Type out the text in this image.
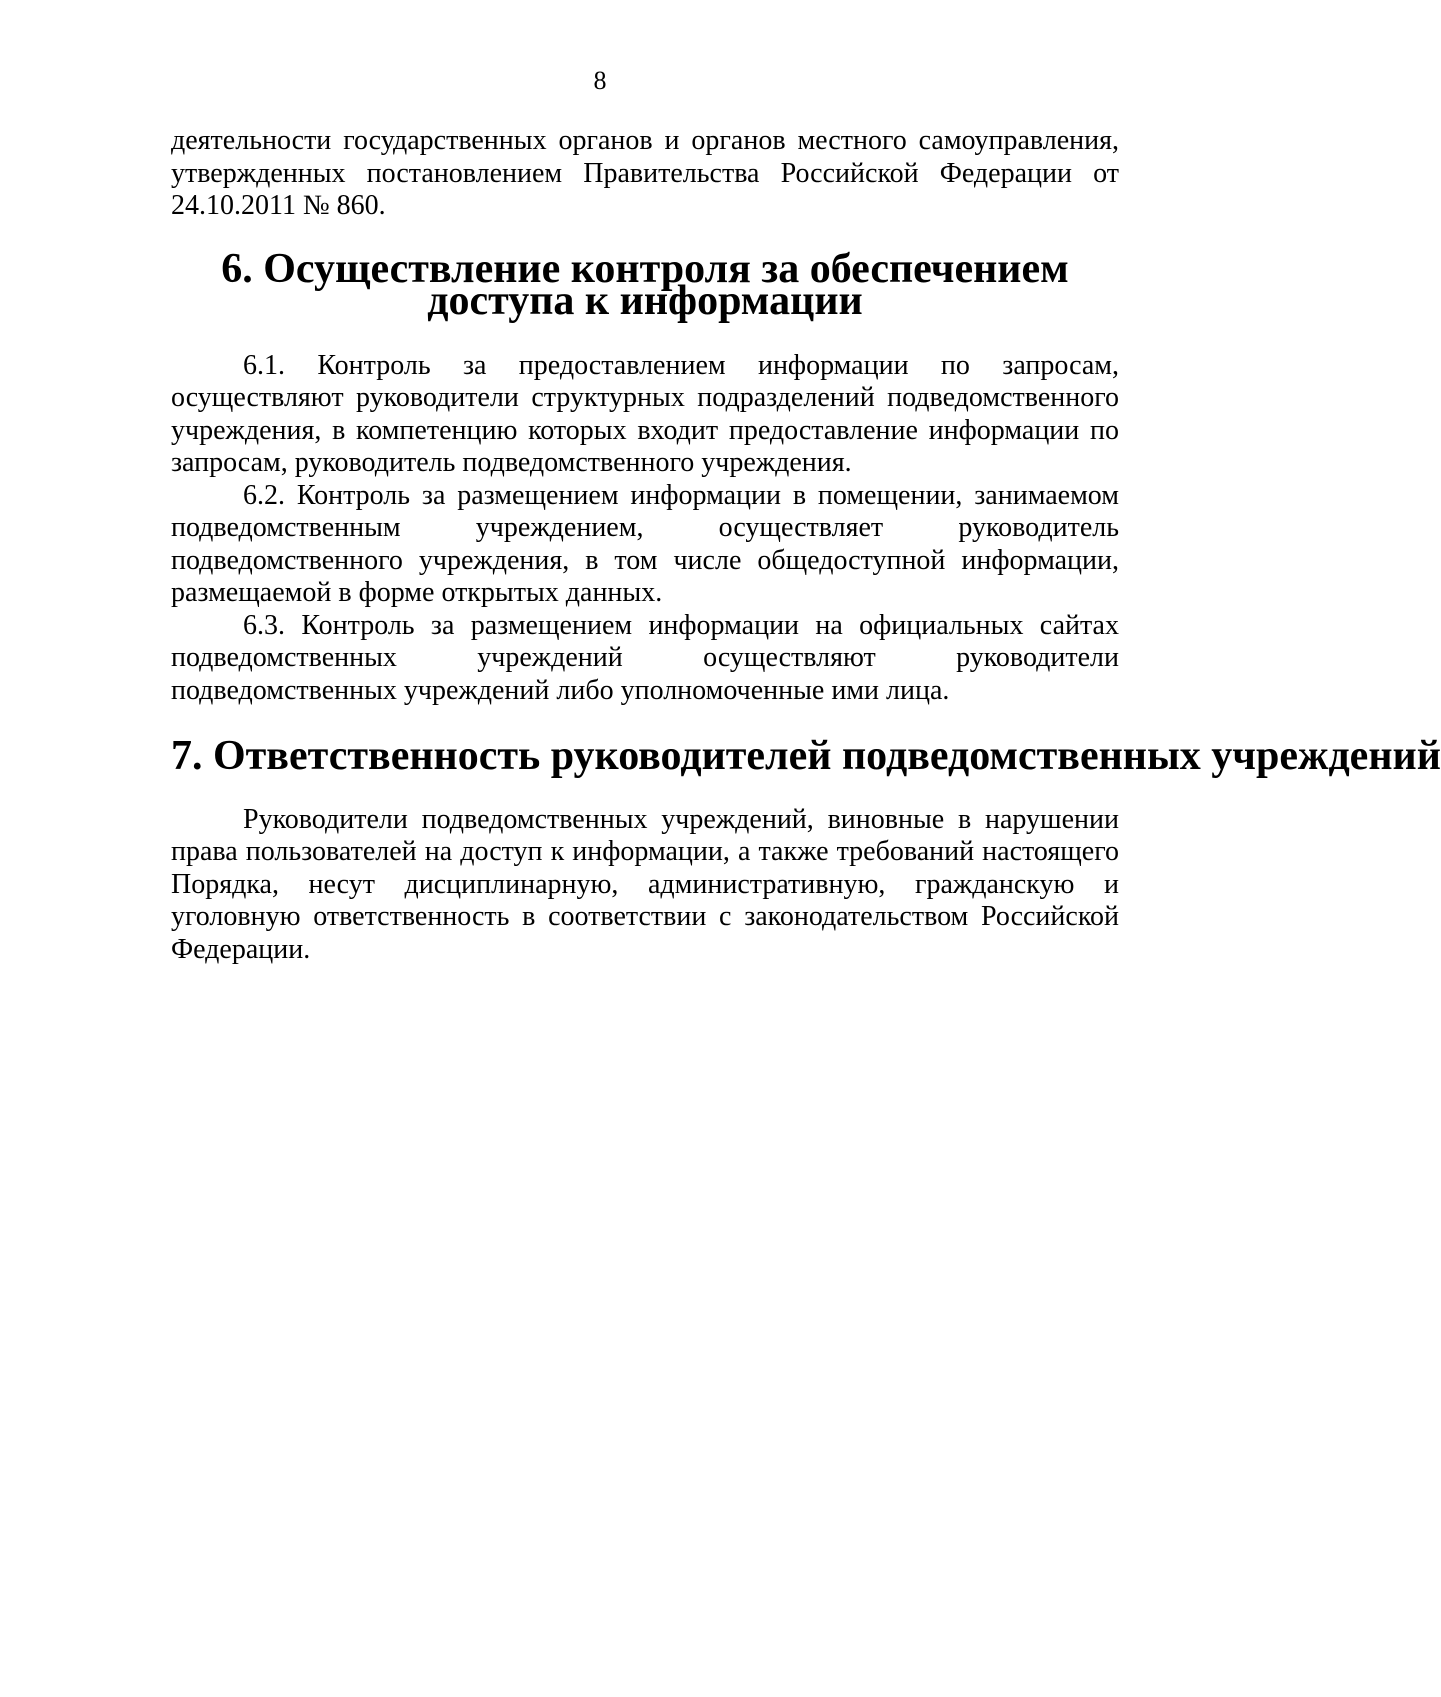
8

деятельности государственных органов и органов местного самоуправления, утвержденных постановлением Правительства Российской Федерации от 24.10.2011 № 860.

6. Осуществление контроля за обеспечением
доступа к информации

6.1. Контроль за предоставлением информации по запросам, осуществляют руководители структурных подразделений подведомственного учреждения, в компетенцию которых входит предоставление информации по запросам, руководитель подведомственного учреждения.

6.2. Контроль за размещением информации в помещении, занимаемом подведомственным учреждением, осуществляет руководитель подведомственного учреждения, в том числе общедоступной информации, размещаемой в форме открытых данных.

6.3. Контроль за размещением информации на официальных сайтах подведомственных учреждений осуществляют руководители подведомственных учреждений либо уполномоченные ими лица.

7. Ответственность руководителей подведомственных учреждений

Руководители подведомственных учреждений, виновные в нарушении права пользователей на доступ к информации, а также требований настоящего Порядка, несут дисциплинарную, административную, гражданскую и уголовную ответственность в соответствии с законодательством Российской Федерации.
